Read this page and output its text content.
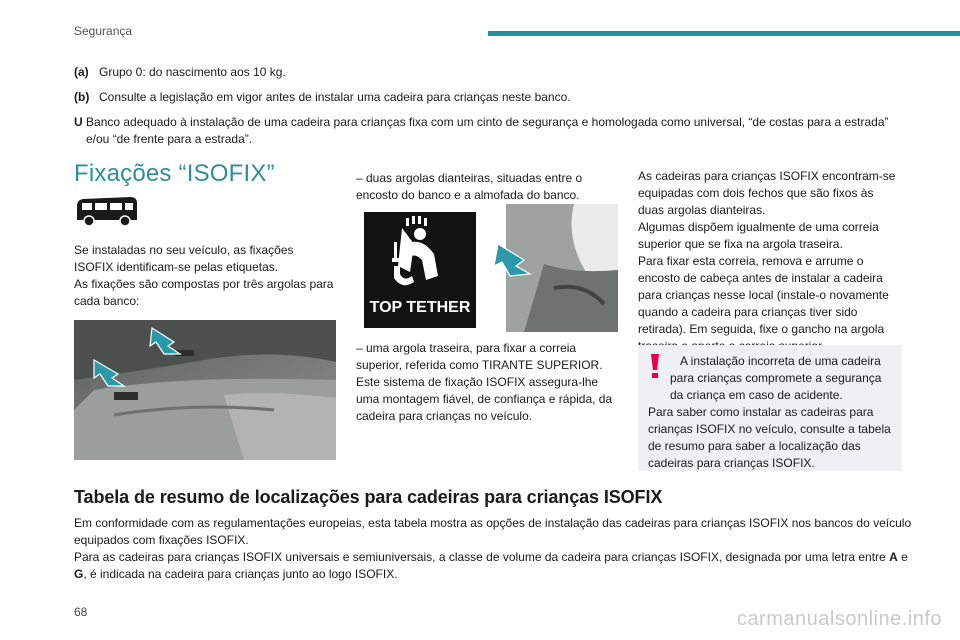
Segurança
(a) Grupo 0: do nascimento aos 10 kg.
(b) Consulte a legislação em vigor antes de instalar uma cadeira para crianças neste banco.
U Banco adequado à instalação de uma cadeira para crianças fixa com um cinto de segurança e homologada como universal, “de costas para a estrada” e/ou “de frente para a estrada”.
Fixações “ISOFIX”

Se instaladas no seu veículo, as fixações ISOFIX identificam-se pelas etiquetas.

As fixações são compostas por três argolas para cada banco:

– duas argolas dianteiras, situadas entre o encosto do banco e a almofada do banco.

TOP TETHER

– uma argola traseira, para fixar a correia superior, referida como TIRANTE SUPERIOR.

Este sistema de fixação ISOFIX assegura-lhe uma montagem fiável, de confiança e rápida, da cadeira para crianças no veículo.

As cadeiras para crianças ISOFIX encontram-se equipadas com dois fechos que são fixos às duas argolas dianteiras.

Algumas dispõem igualmente de uma correia superior que se fixa na argola traseira.

Para fixar esta correia, remova e arrume o encosto de cabeça antes de instalar a cadeira para crianças nesse local (instale-o novamente quando a cadeira para crianças tiver sido retirada). Em seguida, fixe o gancho na argola

A instalação incorreta de uma cadeira para crianças compromete a segurança da criança em caso de acidente.

Para saber como instalar as cadeiras para crianças ISOFIX no veículo, consulte a tabela de resumo para saber a localização das cadeiras para crianças ISOFIX.

Tabela de resumo de localizações para cadeiras para crianças ISOFIX

Em conformidade com as regulamentações europeias, esta tabela mostra as opções de instalação das cadeiras para crianças ISOFIX nos bancos do veículo equipados com fixações ISOFIX.

Para as cadeiras para crianças ISOFIX universais e semiuniversais, a classe de volume da cadeira para crianças ISOFIX, designada por uma letra entre A e G, é indicada na cadeira para crianças junto ao logo ISOFIX.

68	carmanualsonline.info
